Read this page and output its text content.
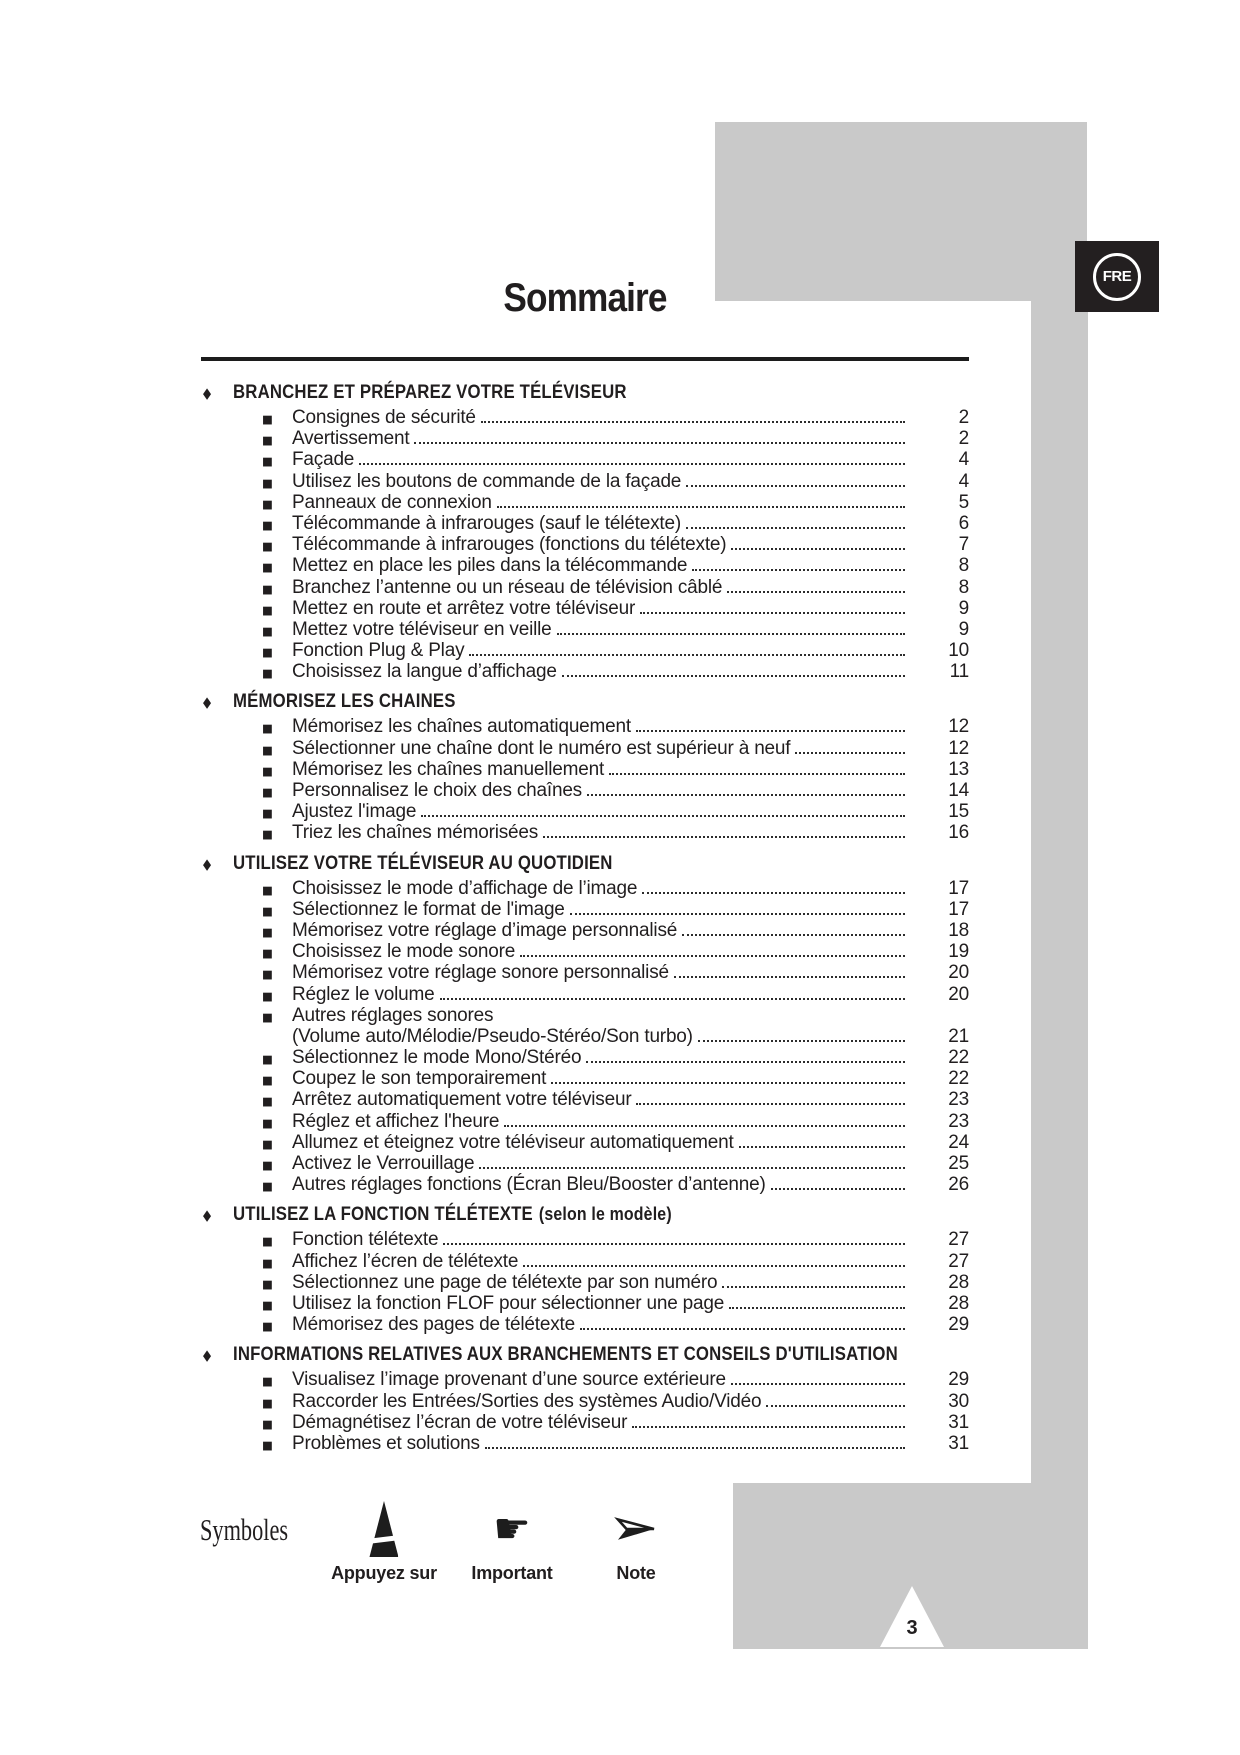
3
FRE
Sommaire
◆	BRANCHEZ ET PRÉPAREZ VOTRE TÉLÉVISEUR
■	Consignes de sécurité	2
■	Avertissement	2
■	Façade	4
■	Utilisez les boutons de commande de la façade	4
■	Panneaux de connexion	5
■	Télécommande à infrarouges (sauf le télétexte)	6
■	Télécommande à infrarouges (fonctions du télétexte)	7
■	Mettez en place les piles dans la télécommande	8
■	Branchez l’antenne ou un réseau de télévision câblé	8
■	Mettez en route et arrêtez votre téléviseur	9
■	Mettez votre téléviseur en veille	9
■	Fonction Plug & Play	10
■	Choisissez la langue d’affichage	11
◆	MÉMORISEZ LES CHAINES
■	Mémorisez les chaînes automatiquement	12
■	Sélectionner une chaîne dont le numéro est supérieur à neuf	12
■	Mémorisez les chaînes manuellement	13
■	Personnalisez le choix des chaînes	14
■	Ajustez l'image	15
■	Triez les chaînes mémorisées	16
◆	UTILISEZ VOTRE TÉLÉVISEUR AU QUOTIDIEN
■	Choisissez le mode d’affichage de l’image	17
■	Sélectionnez le format de l'image	17
■	Mémorisez votre réglage d’image personnalisé	18
■	Choisissez le mode sonore	19
■	Mémorisez votre réglage sonore personnalisé	20
■	Réglez le volume	20
■	Autres réglages sonores
(Volume auto/Mélodie/Pseudo-Stéréo/Son turbo)	21
■	Sélectionnez le mode Mono/Stéréo	22
■	Coupez le son temporairement	22
■	Arrêtez automatiquement votre téléviseur	23
■	Réglez et affichez l'heure	23
■	Allumez et éteignez votre téléviseur automatiquement	24
■	Activez le Verrouillage	25
■	Autres réglages fonctions (Écran Bleu/Booster d’antenne)	26
◆	UTILISEZ LA FONCTION TÉLÉTEXTE (selon le modèle)
■	Fonction télétexte	27
■	Affichez l’écren de télétexte	27
■	Sélectionnez une page de télétexte par son numéro	28
■	Utilisez la fonction FLOF pour sélectionner une page	28
■	Mémorisez des pages de télétexte	29
◆	INFORMATIONS RELATIVES AUX BRANCHEMENTS ET CONSEILS D'UTILISATION
■	Visualisez l’image provenant d’une source extérieure	29
■	Raccorder les Entrées/Sorties des systèmes Audio/Vidéo	30
■	Démagnétisez l’écran de votre téléviseur	31
■	Problèmes et solutions	31
Symboles
Appuyez sur
☛
Important	Note
